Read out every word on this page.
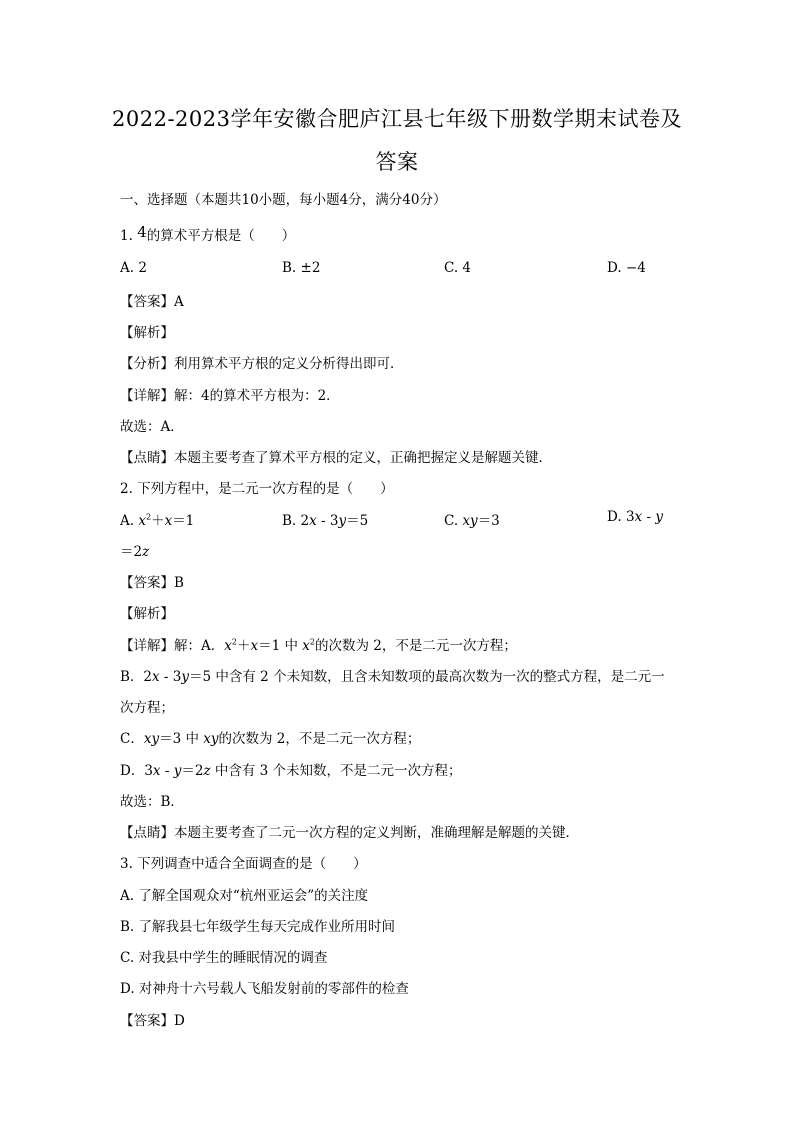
2022-2023学年安徽合肥庐江县七年级下册数学期末试卷及
答案
一、选择题（本题共10小题，每小题4分，满分40分）
1. 4的算术平方根是（　　）
A. 2	B. ±2	C. 4	D. −4
【答案】A
【解析】
【分析】利用算术平方根的定义分析得出即可．
【详解】解：4的算术平方根为：2．
故选：A．
【点睛】本题主要考查了算术平方根的定义，正确把握定义是解题关键．
2. 下列方程中，是二元一次方程的是（　　）
A. $x^2+x=1$	B. 2x - 3y＝5	C. xy＝3	D. 3x - y
＝2z
【答案】B
【解析】
【详解】解：A．$x^2+x=1$ 中 $x^2$的次数为 2，不是二元一次方程；
B．2x - 3y＝5 中含有 2 个未知数，且含未知数项的最高次数为一次的整式方程，是二元一
次方程；
C．xy＝3 中 xy的次数为 2，不是二元一次方程；
D．3x - y＝2z 中含有 3 个未知数，不是二元一次方程；
故选：B．
【点睛】本题主要考查了二元一次方程的定义判断，准确理解是解题的关键．
3. 下列调查中适合全面调查的是（　　）
A. 了解全国观众对“杭州亚运会”的关注度
B. 了解我县七年级学生每天完成作业所用时间
C. 对我县中学生的睡眠情况的调查
D. 对神舟十六号载人飞船发射前的零部件的检查
【答案】D
